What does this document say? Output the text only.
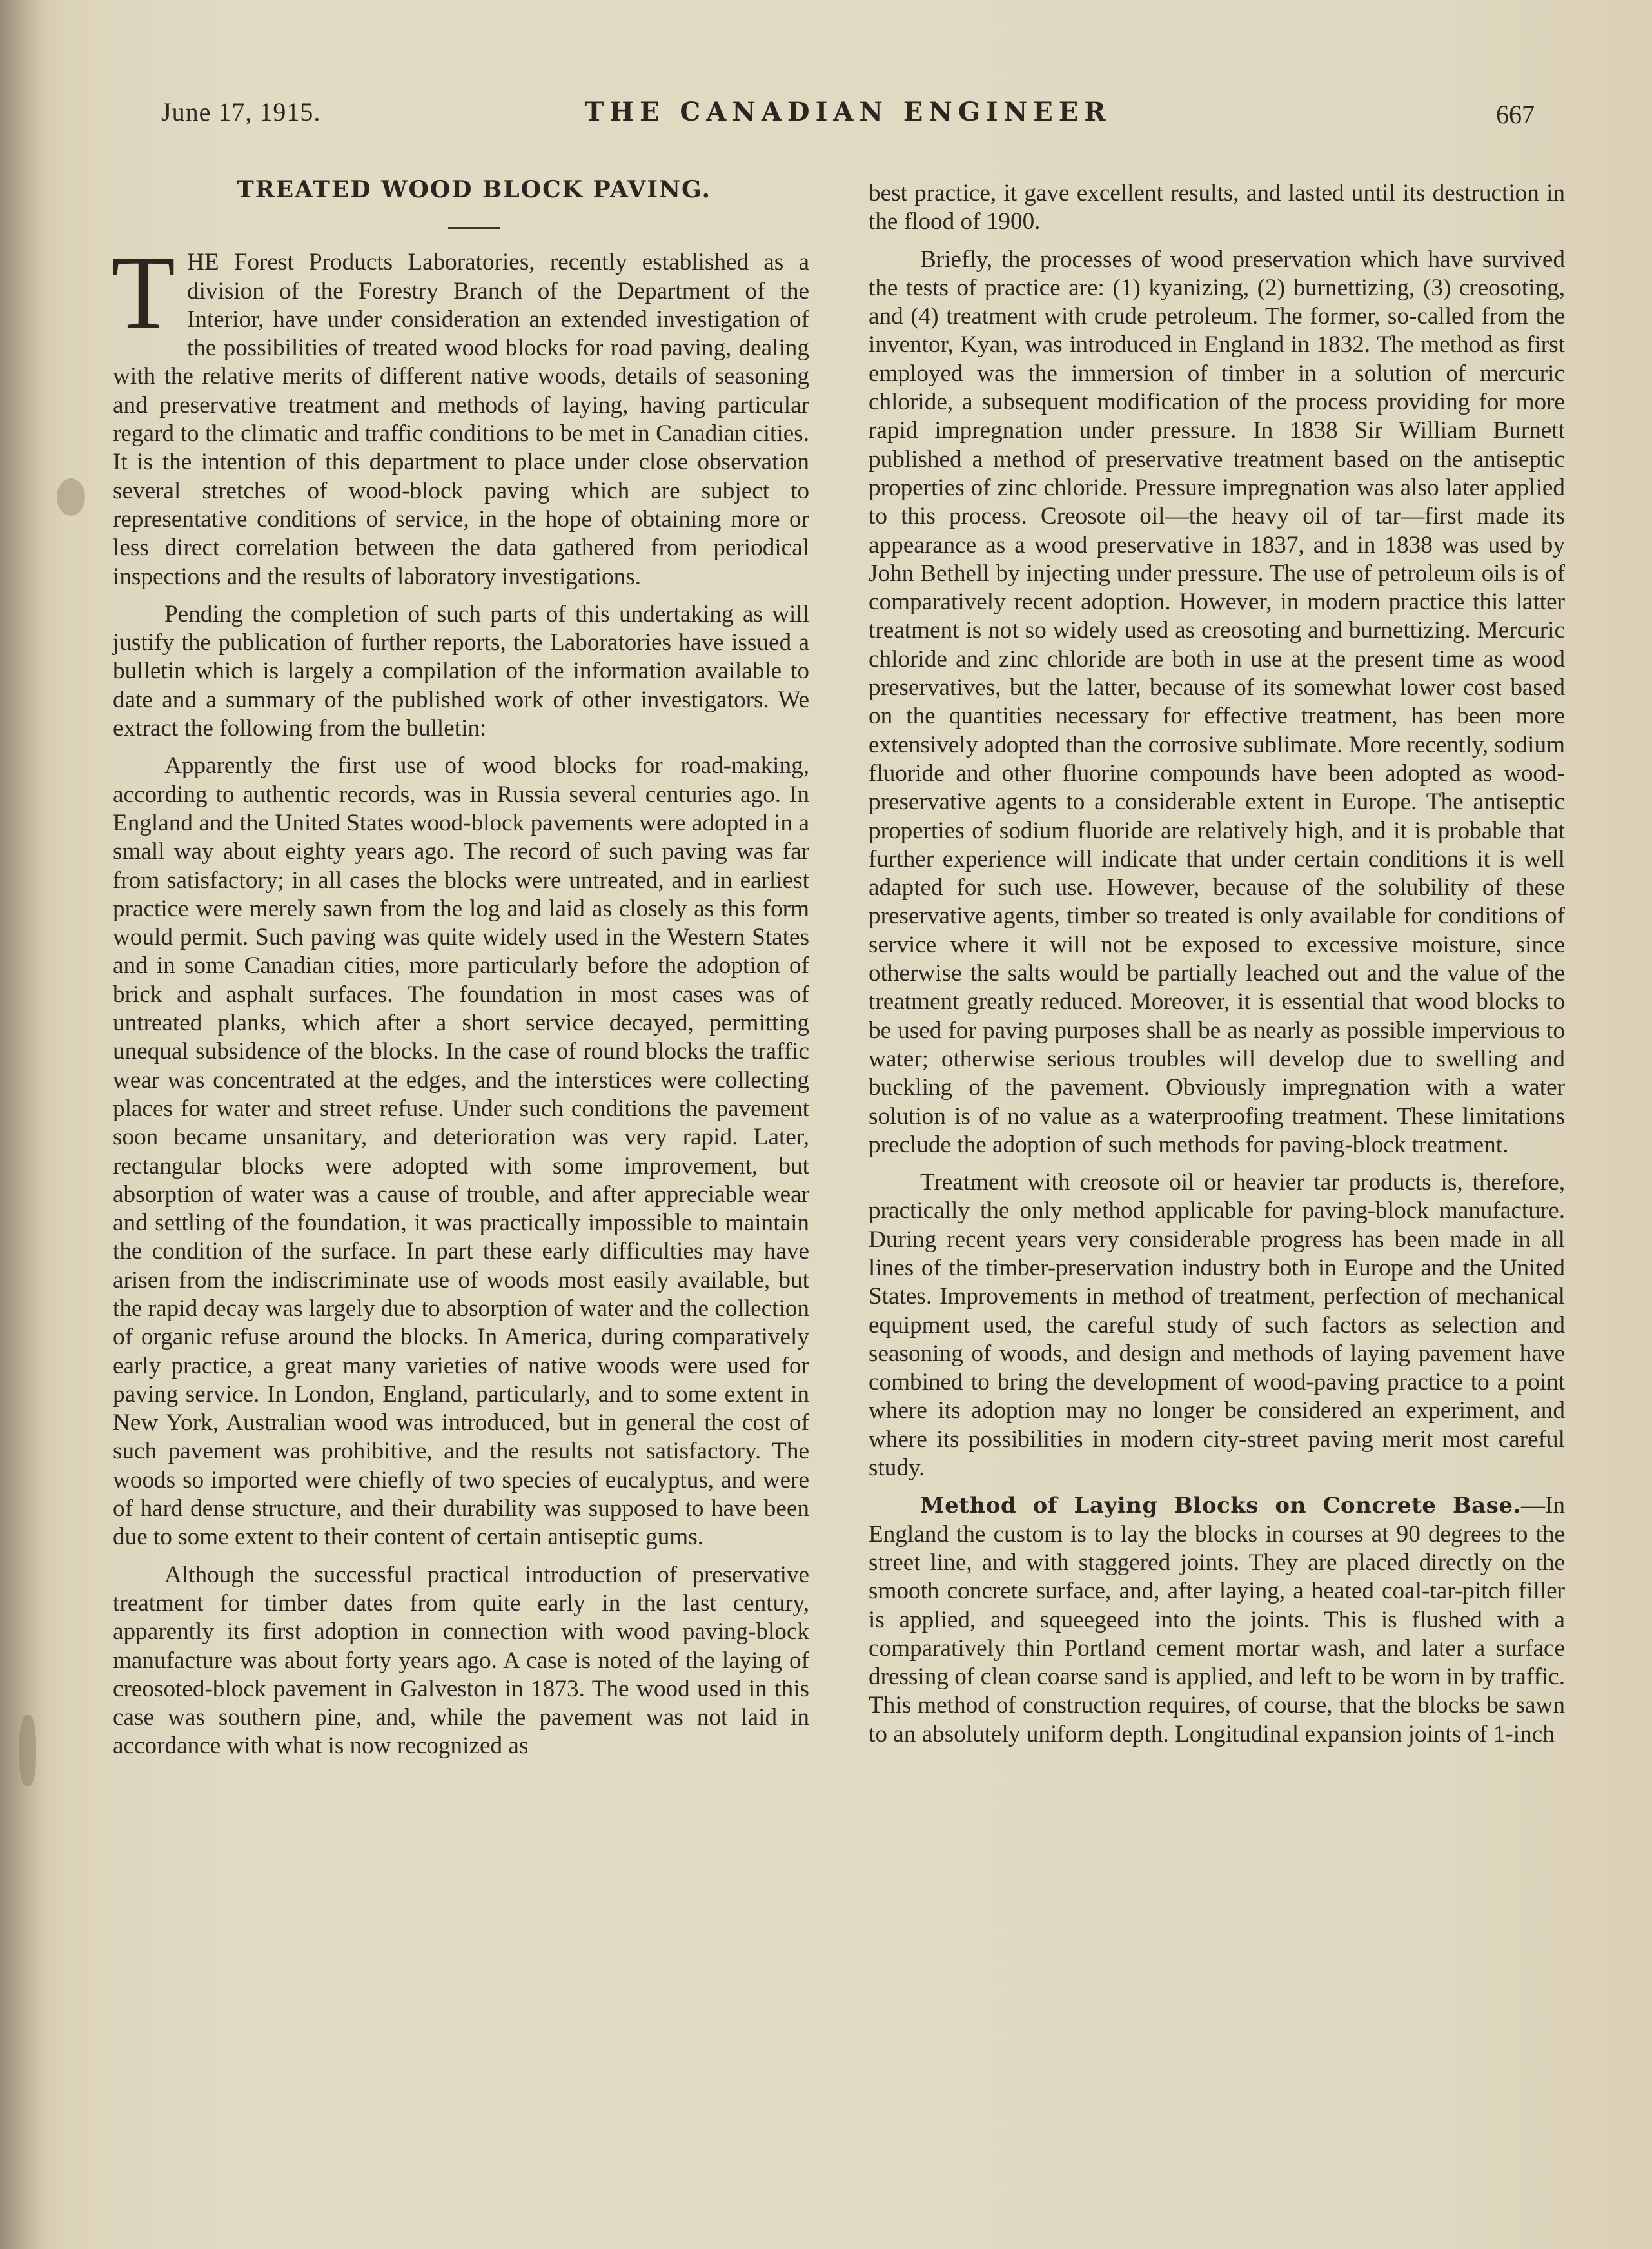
June 17, 1915.	THE CANADIAN ENGINEER	667
TREATED WOOD BLOCK PAVING.

THE Forest Products Laboratories, recently established as a division of the Forestry Branch of the Department of the Interior, have under consideration an extended investigation of the possibilities of treated wood blocks for road paving, dealing with the relative merits of different native woods, details of seasoning and preservative treatment and methods of laying, having particular regard to the climatic and traffic conditions to be met in Canadian cities. It is the intention of this department to place under close observation several stretches of wood-block paving which are subject to representative conditions of service, in the hope of obtaining more or less direct correlation between the data gathered from periodical inspections and the results of laboratory investigations.

Pending the completion of such parts of this undertaking as will justify the publication of further reports, the Laboratories have issued a bulletin which is largely a compilation of the information available to date and a summary of the published work of other investigators. We extract the following from the bulletin:

Apparently the first use of wood blocks for road-making, according to authentic records, was in Russia several centuries ago. In England and the United States wood-block pavements were adopted in a small way about eighty years ago. The record of such paving was far from satisfactory; in all cases the blocks were untreated, and in earliest practice were merely sawn from the log and laid as closely as this form would permit. Such paving was quite widely used in the Western States and in some Canadian cities, more particularly before the adoption of brick and asphalt surfaces. The foundation in most cases was of untreated planks, which after a short service decayed, permitting unequal subsidence of the blocks. In the case of round blocks the traffic wear was concentrated at the edges, and the interstices were collecting places for water and street refuse. Under such conditions the pavement soon became unsanitary, and deterioration was very rapid. Later, rectangular blocks were adopted with some improvement, but absorption of water was a cause of trouble, and after appreciable wear and settling of the foundation, it was practically impossible to maintain the condition of the surface. In part these early difficulties may have arisen from the indiscriminate use of woods most easily available, but the rapid decay was largely due to absorption of water and the collection of organic refuse around the blocks. In America, during comparatively early practice, a great many varieties of native woods were used for paving service. In London, England, particularly, and to some extent in New York, Australian wood was introduced, but in general the cost of such pavement was prohibitive, and the results not satisfactory. The woods so imported were chiefly of two species of eucalyptus, and were of hard dense structure, and their durability was supposed to have been due to some extent to their content of certain antiseptic gums.

Although the successful practical introduction of preservative treatment for timber dates from quite early in the last century, apparently its first adoption in connection with wood paving-block manufacture was about forty years ago. A case is noted of the laying of creosoted-block pavement in Galveston in 1873. The wood used in this case was southern pine, and, while the pavement was not laid in accordance with what is now recognized as

best practice, it gave excellent results, and lasted until its destruction in the flood of 1900.

Briefly, the processes of wood preservation which have survived the tests of practice are: (1) kyanizing, (2) burnettizing, (3) creosoting, and (4) treatment with crude petroleum. The former, so-called from the inventor, Kyan, was introduced in England in 1832. The method as first employed was the immersion of timber in a solution of mercuric chloride, a subsequent modification of the process providing for more rapid impregnation under pressure. In 1838 Sir William Burnett published a method of preservative treatment based on the antiseptic properties of zinc chloride. Pressure impregnation was also later applied to this process. Creosote oil—the heavy oil of tar—first made its appearance as a wood preservative in 1837, and in 1838 was used by John Bethell by injecting under pressure. The use of petroleum oils is of comparatively recent adoption. However, in modern practice this latter treatment is not so widely used as creosoting and burnettizing. Mercuric chloride and zinc chloride are both in use at the present time as wood preservatives, but the latter, because of its somewhat lower cost based on the quantities necessary for effective treatment, has been more extensively adopted than the corrosive sublimate. More recently, sodium fluoride and other fluorine compounds have been adopted as wood-preservative agents to a considerable extent in Europe. The antiseptic properties of sodium fluoride are relatively high, and it is probable that further experience will indicate that under certain conditions it is well adapted for such use. However, because of the solubility of these preservative agents, timber so treated is only available for conditions of service where it will not be exposed to excessive moisture, since otherwise the salts would be partially leached out and the value of the treatment greatly reduced. Moreover, it is essential that wood blocks to be used for paving purposes shall be as nearly as possible impervious to water; otherwise serious troubles will develop due to swelling and buckling of the pavement. Obviously impregnation with a water solution is of no value as a waterproofing treatment. These limitations preclude the adoption of such methods for paving-block treatment.

Treatment with creosote oil or heavier tar products is, therefore, practically the only method applicable for paving-block manufacture. During recent years very considerable progress has been made in all lines of the timber-preservation industry both in Europe and the United States. Improvements in method of treatment, perfection of mechanical equipment used, the careful study of such factors as selection and seasoning of woods, and design and methods of laying pavement have combined to bring the development of wood-paving practice to a point where its adoption may no longer be considered an experiment, and where its possibilities in modern city-street paving merit most careful study.

Method of Laying Blocks on Concrete Base.—In England the custom is to lay the blocks in courses at 90 degrees to the street line, and with staggered joints. They are placed directly on the smooth concrete surface, and, after laying, a heated coal-tar-pitch filler is applied, and squeegeed into the joints. This is flushed with a comparatively thin Portland cement mortar wash, and later a surface dressing of clean coarse sand is applied, and left to be worn in by traffic. This method of construction requires, of course, that the blocks be sawn to an absolutely uniform depth. Longitudinal expansion joints of 1-inch
